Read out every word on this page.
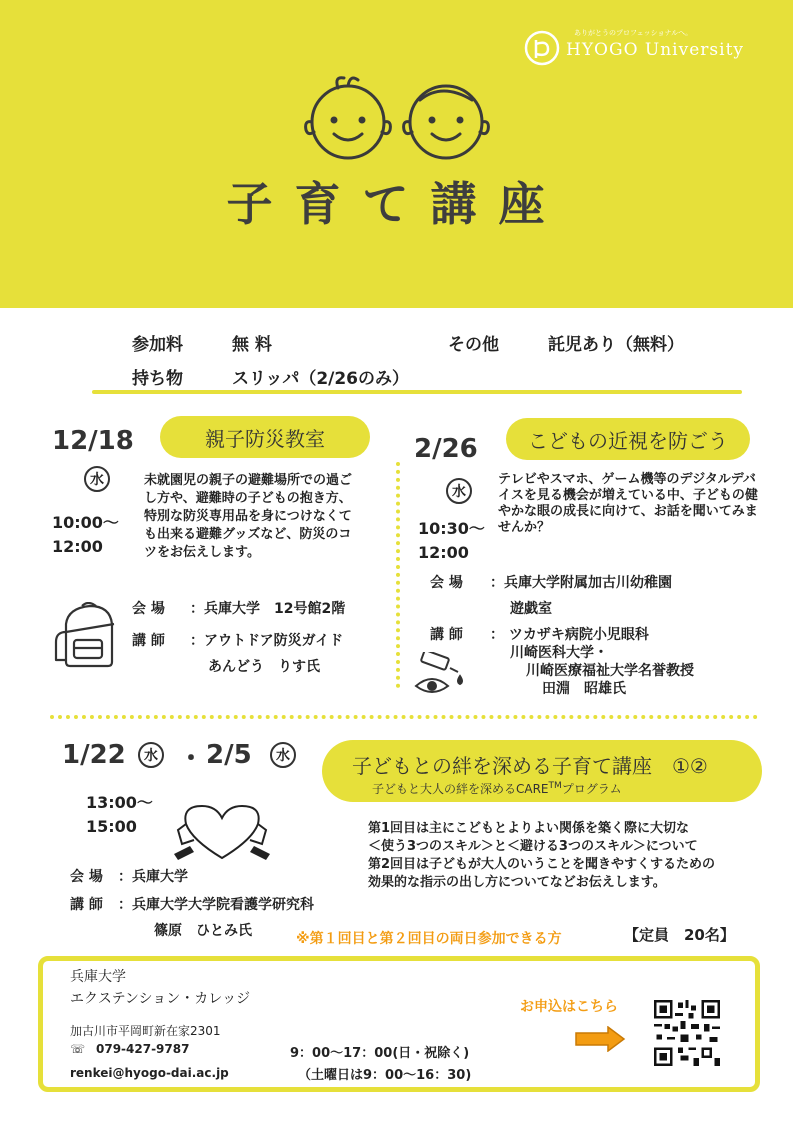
ありがとうのプロフェッショナルへ。
HYOGO University
子育て講座
参加料	無 料	その他	託児あり（無料）
持ち物	スリッパ（2/26のみ）
12/18
水
10:00〜
12:00
親子防災教室
未就園児の親子の避難場所での過ごし方や、避難時の子どもの抱き方、特別な防災専用品を身につけなくても出来る避難グッズなど、防災のコツをお伝えします。
会 場 ：兵庫大学　12号館2階
講 師 ：アウトドア防災ガイド
あんどう　りす氏
2/26
水
10:30〜
12:00
こどもの近視を防ごう
テレビやスマホ、ゲーム機等のデジタルデバイスを見る機会が増えている中、子どもの健やかな眼の成長に向けて、お話を聞いてみませんか？
会 場 ：兵庫大学附属加古川幼稚園
遊戯室
講 師 ： ツカザキ病院小児眼科
川崎医科大学・
川崎医療福祉大学名誉教授
田淵　昭雄氏
1/22	水 ・ 2/5	水
13:00〜
15:00
子どもとの絆を深める子育て講座　①②
子どもと大人の絆を深めるCARE™プログラム
第1回目は主にこどもとよりよい関係を築く際に大切な
＜使う3つのスキル＞と＜避ける3つのスキル＞について
第2回目は子どもが大人のいうことを聞きやすくするための
効果的な指示の出し方についてなどお伝えします。
会 場 ：兵庫大学
講 師 ：兵庫大学大学院看護学研究科
篠原　ひとみ氏	※第１回目と第２回目の両日参加できる方	【定員　20名】
兵庫大学
エクステンション・カレッジ
加古川市平岡町新在家2301
☏ 079-427-9787
renkei@hyogo-dai.ac.jp
9：00〜17：00(日・祝除く)
（土曜日は9：00〜16：30)
お申込はこちら
